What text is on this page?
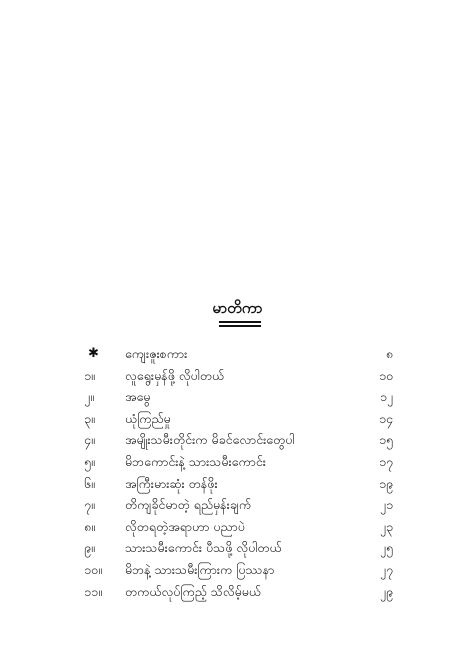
မာတိကာ
✱	ကျေးဇူးစကား	၈
၁။	လူရွေးမှန်ဖို့ လိုပါတယ်	၁၀
၂။	အမွေ	၁၂
၃။	ယုံကြည်မှု	၁၄
၄။	အမျိုးသမီးတိုင်းက မိခင်လောင်းတွေပါ	၁၅
၅။	မိဘကောင်းနဲ့ သားသမီးကောင်း	၁၇
၆။	အကြီးမားဆုံး တန်ဖိုး	၁၉
၇။	တိကျခိုင်မာတဲ့ ရည်မှန်းချက်	၂၁
၈။	လိုတရတဲ့အရာဟာ ပညာပဲ	၂၃
၉။	သားသမီးကောင်း ပီသဖို့ လိုပါတယ်	၂၅
၁၀။	မိဘနဲ့ သားသမီးကြားက ပြဿနာ	၂၇
၁၁။	တကယ်လုပ်ကြည့် သိလိမ့်မယ်	၂၉
